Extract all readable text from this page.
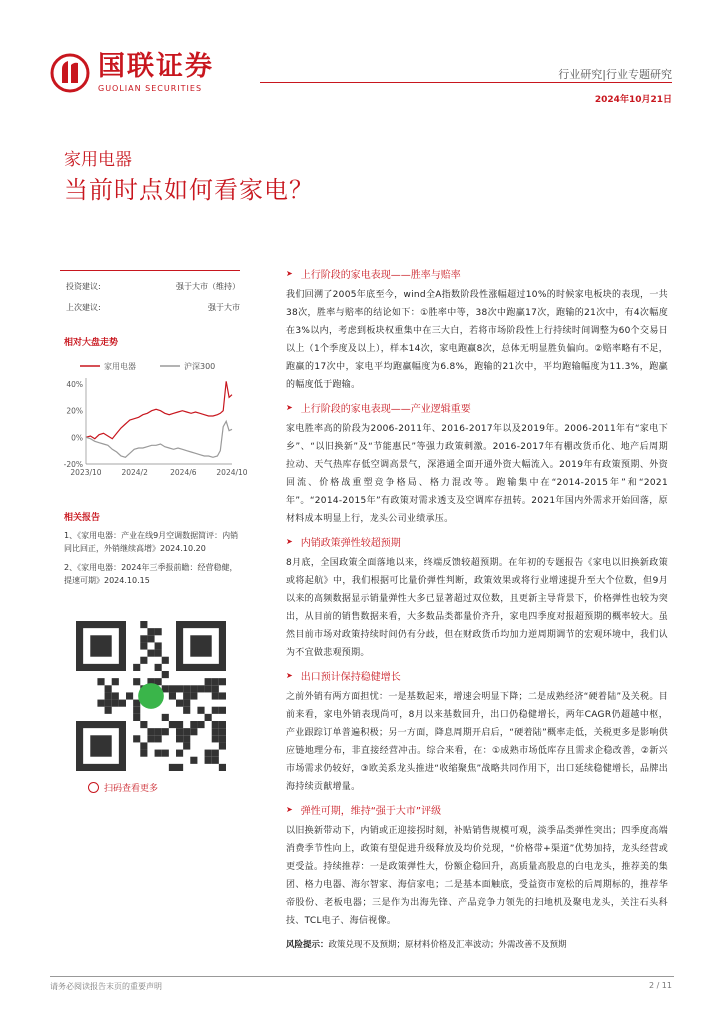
国联证券
GUOLIAN SECURITIES
行业研究|行业专题研究
2024年10月21日
家用电器
当前时点如何看家电？
投资建议:	强于大市（维持）
上次建议:	强于大市
相对大盘走势
家用电器	沪深300
40%
20%
0%
-20%
2023/10	2024/2	2024/6	2024/10
相关报告
1、《家用电器：产业在线9月空调数据简评：内销同比回正，外销继续高增》2024.10.20
2、《家用电器：2024年三季报前瞻：经营稳健，提速可期》2024.10.15
扫码查看更多
➤ 上行阶段的家电表现——胜率与赔率
我们回溯了2005年底至今，wind全A指数阶段性涨幅超过10%的时候家电板块的表现，一共38次，胜率与赔率的结论如下：①胜率中等，38次中跑赢17次，跑输的21次中，有4次幅度在3%以内，考虑到板块权重集中在三大白，若将市场阶段性上行持续时间调整为60个交易日以上（1个季度及以上），样本14次，家电跑赢8次，总体无明显胜负偏向。②赔率略有不足，跑赢的17次中，家电平均跑赢幅度为6.8%，跑输的21次中，平均跑输幅度为11.3%，跑赢的幅度低于跑输。
➤ 上行阶段的家电表现——产业逻辑重要
家电胜率高的阶段为2006-2011年、2016-2017年以及2019年。2006-2011年有“家电下乡”、“以旧换新”及“节能惠民”等强力政策刺激。2016-2017年有棚改货币化、地产后周期拉动、天气热库存低空调高景气，深港通全面开通外资大幅流入。2019年有政策预期、外资回流、价格战重塑竞争格局、格力混改等。跑输集中在“2014-2015年”和“2021年”。“2014-2015年”有政策对需求透支及空调库存扭转。2021年国内外需求开始回落，原材料成本明显上行，龙头公司业绩承压。
➤ 内销政策弹性较超预期
8月底，全国政策全面落地以来，终端反馈较超预期。在年初的专题报告《家电以旧换新政策或将起航》中，我们根据可比量价弹性判断，政策效果或将行业增速提升至大个位数，但9月以来的高频数据显示销量弹性大多已显著超过双位数，且更新主导背景下，价格弹性也较为突出，从目前的销售数据来看，大多数品类都量价齐升，家电四季度对报超预期的概率较大。虽然目前市场对政策持续时间仍有分歧，但在财政货币均加力逆周期调节的宏观环境中，我们认为不宜做悲观预期。
➤ 出口预计保持稳健增长
之前外销有两方面担忧：一是基数起来，增速会明显下降；二是成熟经济“硬着陆”及关税。目前来看，家电外销表现尚可，8月以来基数回升，出口仍稳健增长，两年CAGR仍超越中枢，产业跟踪订单普遍积极；另一方面，降息周期开启后，“硬着陆”概率走低，关税更多是影响供应链地理分布，非直接经营冲击。综合来看，在：①成熟市场低库存且需求企稳改善，②新兴市场需求仍较好，③欧美系龙头推进“收缩聚焦”战略共同作用下，出口延续稳健增长，品牌出海持续贡献增量。
➤ 弹性可期，维持“强于大市”评级
以旧换新带动下，内销或正迎接拐时刻，补贴销售规模可观，淡季品类弹性突出；四季度高端消费季节性向上，政策有望促进升级释放及均价兑现，“价格带+渠道”优势加持，龙头经营或更受益。持续推荐：一是政策弹性大，份额企稳回升，高质量高股息的白电龙头，推荐美的集团、格力电器、海尔智家、海信家电；二是基本面触底，受益资市宽松的后周期标的，推荐华帝股份、老板电器；三是作为出海先锋、产品竞争力领先的扫地机及聚电龙头，关注石头科技、TCL电子、海信视像。
风险提示：政策兑现不及预期；原材料价格及汇率波动；外需改善不及预期
请务必阅读报告末页的重要声明	2 / 11
